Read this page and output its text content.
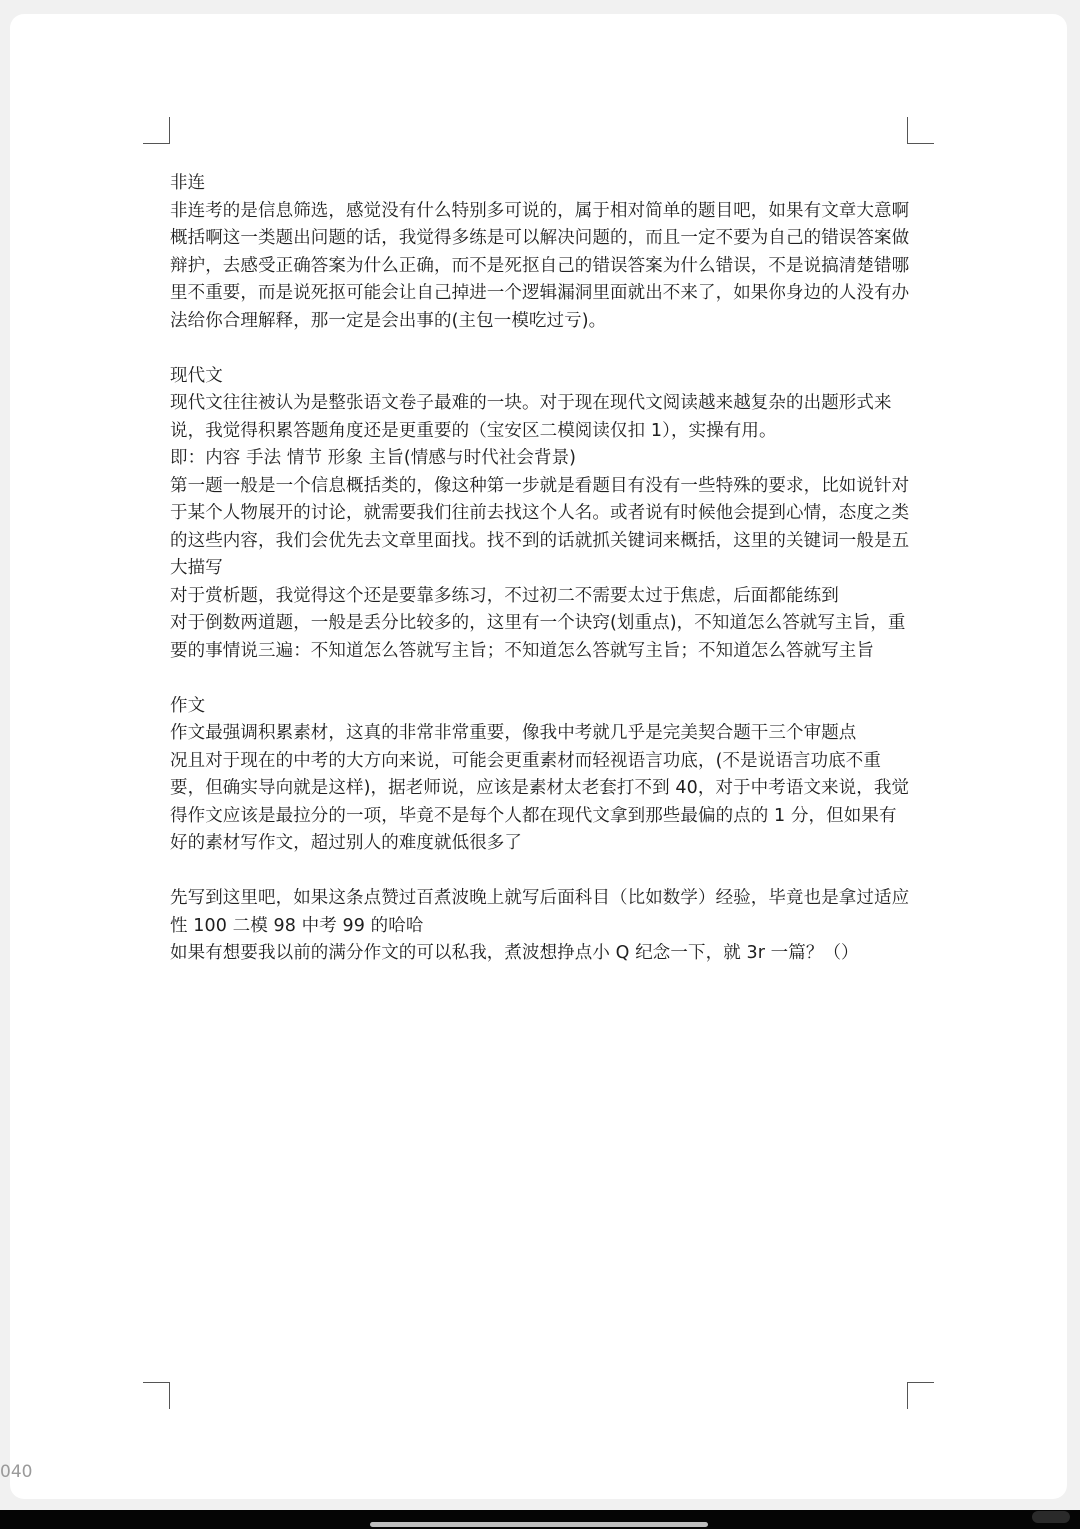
非连

非连考的是信息筛选，感觉没有什么特别多可说的，属于相对简单的题目吧，如果有文章大意啊概括啊这一类题出问题的话，我觉得多练是可以解决问题的，而且一定不要为自己的错误答案做辩护，去感受正确答案为什么正确，而不是死抠自己的错误答案为什么错误，不是说搞清楚错哪里不重要，而是说死抠可能会让自己掉进一个逻辑漏洞里面就出不来了，如果你身边的人没有办法给你合理解释，那一定是会出事的(主包一模吃过亏)。

现代文

现代文往往被认为是整张语文卷子最难的一块。对于现在现代文阅读越来越复杂的出题形式来说，我觉得积累答题角度还是更重要的（宝安区二模阅读仅扣 1），实操有用。

即：内容 手法 情节 形象 主旨(情感与时代社会背景)

第一题一般是一个信息概括类的，像这种第一步就是看题目有没有一些特殊的要求，比如说针对于某个人物展开的讨论，就需要我们往前去找这个人名。或者说有时候他会提到心情，态度之类的这些内容，我们会优先去文章里面找。找不到的话就抓关键词来概括，这里的关键词一般是五大描写

对于赏析题，我觉得这个还是要靠多练习，不过初二不需要太过于焦虑，后面都能练到

对于倒数两道题，一般是丢分比较多的，这里有一个诀窍(划重点)，不知道怎么答就写主旨，重要的事情说三遍：不知道怎么答就写主旨；不知道怎么答就写主旨；不知道怎么答就写主旨

作文

作文最强调积累素材，这真的非常非常重要，像我中考就几乎是完美契合题干三个审题点

况且对于现在的中考的大方向来说，可能会更重素材而轻视语言功底，(不是说语言功底不重要，但确实导向就是这样)，据老师说，应该是素材太老套打不到 40，对于中考语文来说，我觉得作文应该是最拉分的一项，毕竟不是每个人都在现代文拿到那些最偏的点的 1 分，但如果有好的素材写作文，超过别人的难度就低很多了

先写到这里吧，如果这条点赞过百煮波晚上就写后面科目（比如数学）经验，毕竟也是拿过适应性 100 二模 98 中考 99 的哈哈

如果有想要我以前的满分作文的可以私我，煮波想挣点小 Q 纪念一下，就 3r 一篇？（）

040
